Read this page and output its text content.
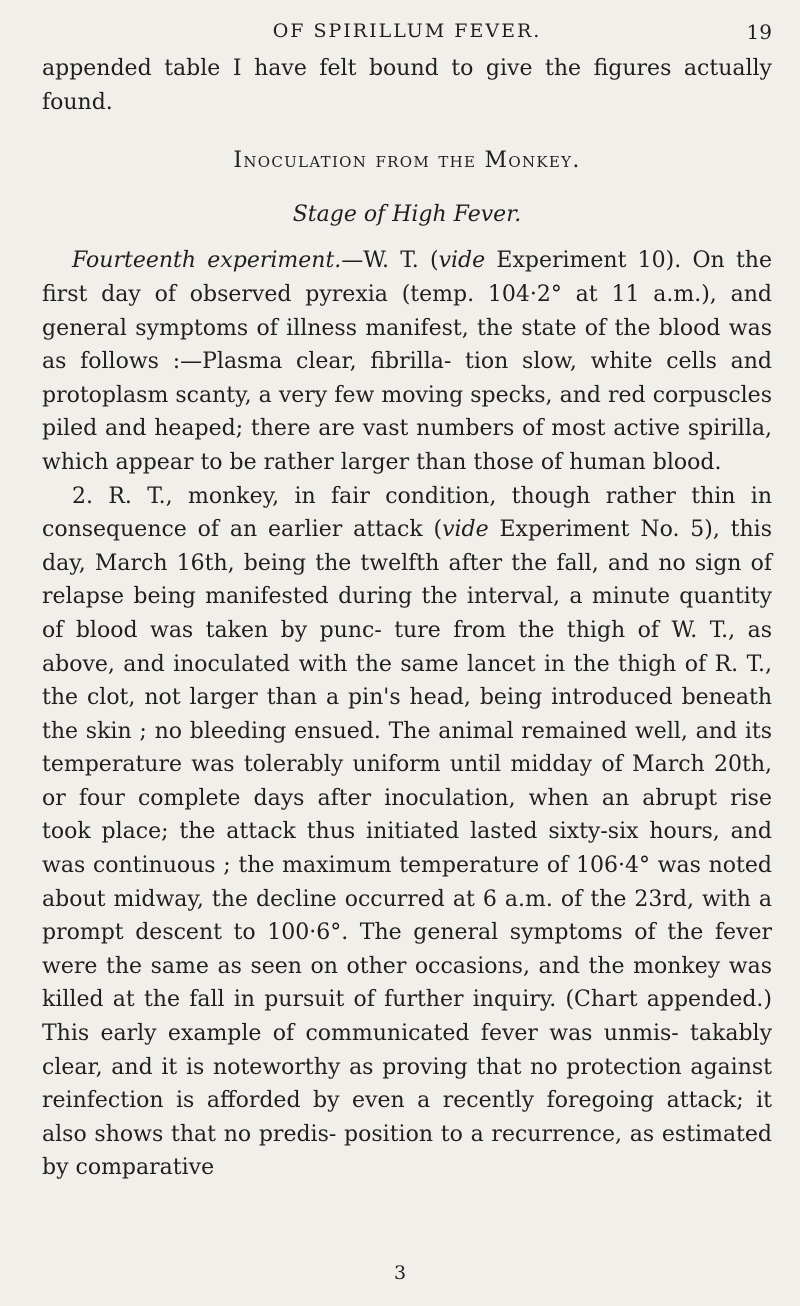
OF SPIRILLUM FEVER.	19

appended table I have felt bound to give the figures actually found.

Inoculation from the Monkey.
Stage of High Fever.

Fourteenth experiment.—W. T. (vide Experiment 10). On the first day of observed pyrexia (temp. 104·2° at 11 a.m.), and general symptoms of illness manifest, the state of the blood was as follows :—Plasma clear, fibrilla- tion slow, white cells and protoplasm scanty, a very few moving specks, and red corpuscles piled and heaped; there are vast numbers of most active spirilla, which appear to be rather larger than those of human blood.

2. R. T., monkey, in fair condition, though rather thin in consequence of an earlier attack (vide Experiment No. 5), this day, March 16th, being the twelfth after the fall, and no sign of relapse being manifested during the interval, a minute quantity of blood was taken by punc- ture from the thigh of W. T., as above, and inoculated with the same lancet in the thigh of R. T., the clot, not larger than a pin's head, being introduced beneath the skin ; no bleeding ensued. The animal remained well, and its temperature was tolerably uniform until midday of March 20th, or four complete days after inoculation, when an abrupt rise took place; the attack thus initiated lasted sixty-six hours, and was continuous ; the maximum temperature of 106·4° was noted about midway, the decline occurred at 6 a.m. of the 23rd, with a prompt descent to 100·6°. The general symptoms of the fever were the same as seen on other occasions, and the monkey was killed at the fall in pursuit of further inquiry. (Chart appended.) This early example of communicated fever was unmis- takably clear, and it is noteworthy as proving that no protection against reinfection is afforded by even a recently foregoing attack; it also shows that no predis- position to a recurrence, as estimated by comparative

3
